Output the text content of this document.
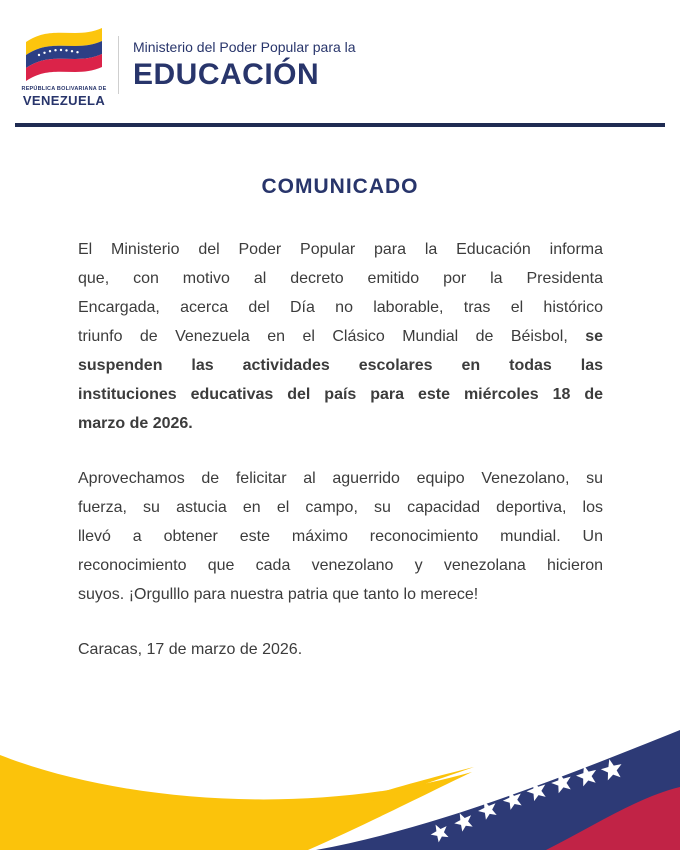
REPÚBLICA BOLIVARIANA DE
VENEZUELA
Ministerio del Poder Popular para la
EDUCACIÓN
COMUNICADO
El Ministerio del Poder Popular para la Educación informa
que, con motivo al decreto emitido por la Presidenta
Encargada, acerca del Día no laborable, tras el histórico
triunfo de Venezuela en el Clásico Mundial de Béisbol, se
suspenden las actividades escolares en todas las
instituciones educativas del país para este miércoles 18 de
marzo de 2026.
Aprovechamos de felicitar al aguerrido equipo Venezolano, su
fuerza, su astucia en el campo, su capacidad deportiva, los
llevó a obtener este máximo reconocimiento mundial. Un
reconocimiento que cada venezolano y venezolana hicieron
suyos. ¡Orgulllo para nuestra patria que tanto lo merece!
Caracas, 17 de marzo de 2026.
